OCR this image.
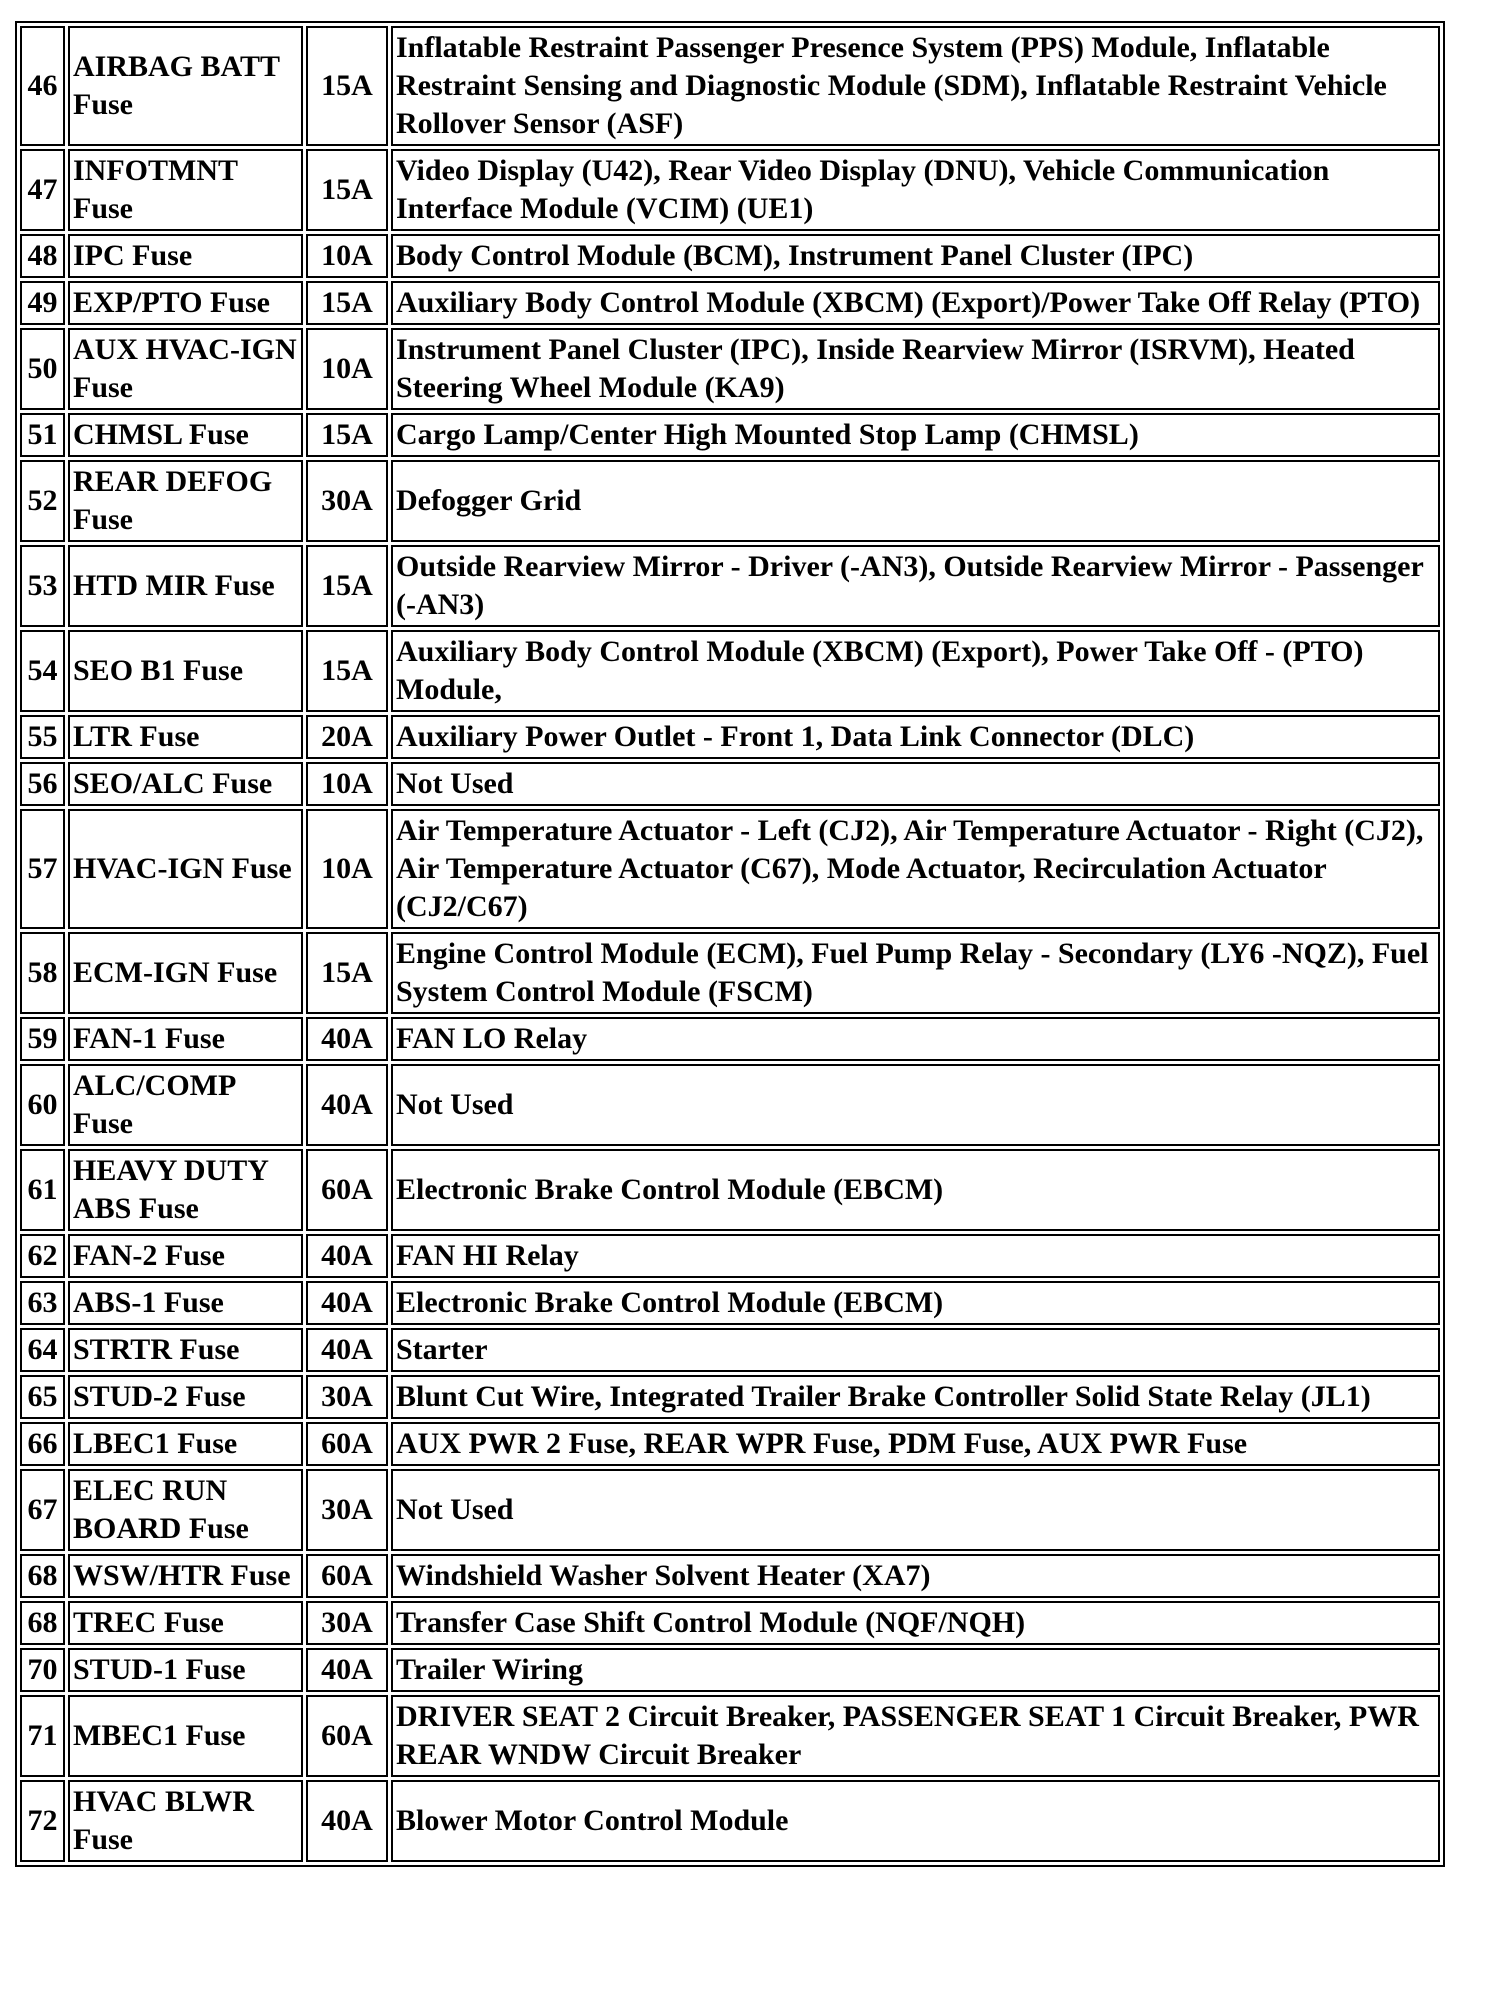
46	AIRBAG BATT Fuse	15A	Inflatable Restraint Passenger Presence System (PPS) Module, Inflatable Restraint Sensing and Diagnostic Module (SDM), Inflatable Restraint Vehicle Rollover Sensor (ASF)
47	INFOTMNT Fuse	15A	Video Display (U42), Rear Video Display (DNU), Vehicle Communication Interface Module (VCIM) (UE1)
48	IPC Fuse	10A	Body Control Module (BCM), Instrument Panel Cluster (IPC)
49	EXP/PTO Fuse	15A	Auxiliary Body Control Module (XBCM) (Export)/Power Take Off Relay (PTO)
50	AUX HVAC-IGN Fuse	10A	Instrument Panel Cluster (IPC), Inside Rearview Mirror (ISRVM), Heated Steering Wheel Module (KA9)
51	CHMSL Fuse	15A	Cargo Lamp/Center High Mounted Stop Lamp (CHMSL)
52	REAR DEFOG Fuse	30A	Defogger Grid
53	HTD MIR Fuse	15A	Outside Rearview Mirror - Driver (-AN3), Outside Rearview Mirror - Passenger (-AN3)
54	SEO B1 Fuse	15A	Auxiliary Body Control Module (XBCM) (Export), Power Take Off - (PTO) Module,
55	LTR Fuse	20A	Auxiliary Power Outlet - Front 1, Data Link Connector (DLC)
56	SEO/ALC Fuse	10A	Not Used
57	HVAC-IGN Fuse	10A	Air Temperature Actuator - Left (CJ2), Air Temperature Actuator - Right (CJ2), Air Temperature Actuator (C67), Mode Actuator, Recirculation Actuator (CJ2/C67)
58	ECM-IGN Fuse	15A	Engine Control Module (ECM), Fuel Pump Relay - Secondary (LY6 -NQZ), Fuel System Control Module (FSCM)
59	FAN-1 Fuse	40A	FAN LO Relay
60	ALC/COMP Fuse	40A	Not Used
61	HEAVY DUTY ABS Fuse	60A	Electronic Brake Control Module (EBCM)
62	FAN-2 Fuse	40A	FAN HI Relay
63	ABS-1 Fuse	40A	Electronic Brake Control Module (EBCM)
64	STRTR Fuse	40A	Starter
65	STUD-2 Fuse	30A	Blunt Cut Wire, Integrated Trailer Brake Controller Solid State Relay (JL1)
66	LBEC1 Fuse	60A	AUX PWR 2 Fuse, REAR WPR Fuse, PDM Fuse, AUX PWR Fuse
67	ELEC RUN BOARD Fuse	30A	Not Used
68	WSW/HTR Fuse	60A	Windshield Washer Solvent Heater (XA7)
68	TREC Fuse	30A	Transfer Case Shift Control Module (NQF/NQH)
70	STUD-1 Fuse	40A	Trailer Wiring
71	MBEC1 Fuse	60A	DRIVER SEAT 2 Circuit Breaker, PASSENGER SEAT 1 Circuit Breaker, PWR REAR WNDW Circuit Breaker
72	HVAC BLWR Fuse	40A	Blower Motor Control Module
